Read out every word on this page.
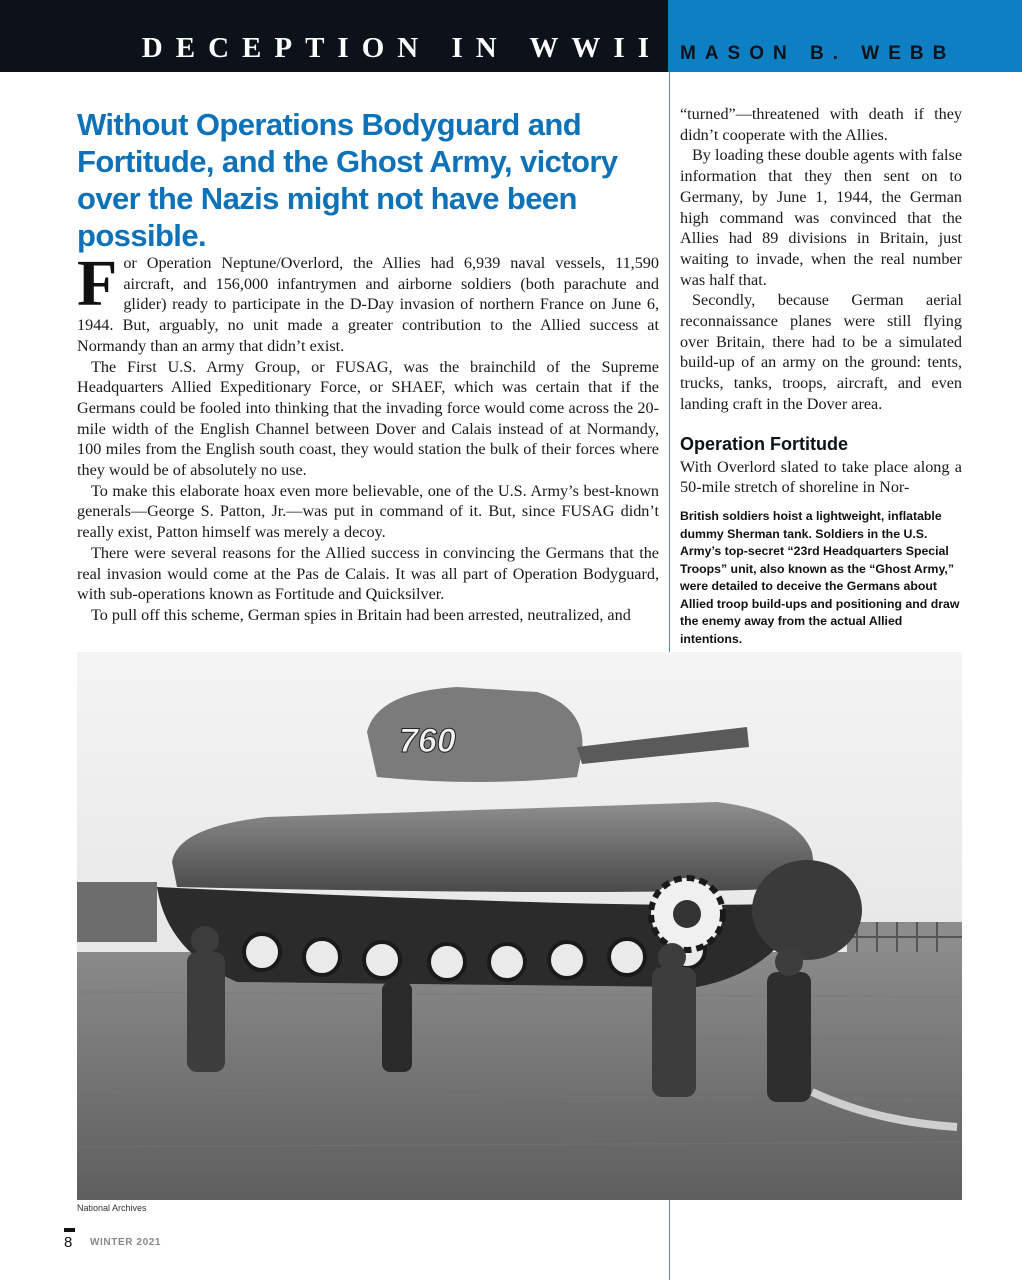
DECEPTION IN WWII MASON B. WEBB
Without Operations Bodyguard and Fortitude, and the Ghost Army, victory over the Nazis might not have been possible.

For Operation Neptune/Overlord, the Allies had 6,939 naval vessels, 11,590 aircraft, and 156,000 infantrymen and airborne soldiers (both parachute and glider) ready to participate in the D-Day invasion of northern France on June 6, 1944. But, arguably, no unit made a greater contribution to the Allied success at Normandy than an army that didn’t exist.

The First U.S. Army Group, or FUSAG, was the brainchild of the Supreme Headquarters Allied Expeditionary Force, or SHAEF, which was certain that if the Germans could be fooled into thinking that the invading force would come across the 20-mile width of the English Channel between Dover and Calais instead of at Normandy, 100 miles from the English south coast, they would station the bulk of their forces where they would be of absolutely no use.

To make this elaborate hoax even more believable, one of the U.S. Army’s best-known generals—George S. Patton, Jr.—was put in command of it. But, since FUSAG didn’t really exist, Patton himself was merely a decoy.

There were several reasons for the Allied success in convincing the Germans that the real invasion would come at the Pas de Calais. It was all part of Operation Bodyguard, with sub-operations known as Fortitude and Quicksilver.

To pull off this scheme, German spies in Britain had been arrested, neutralized, and

“turned”—threatened with death if they didn’t cooperate with the Allies.

By loading these double agents with false information that they then sent on to Germany, by June 1, 1944, the German high command was convinced that the Allies had 89 divisions in Britain, just waiting to invade, when the real number was half that.

Secondly, because German aerial reconnaissance planes were still flying over Britain, there had to be a simulated build-up of an army on the ground: tents, trucks, tanks, troops, aircraft, and even landing craft in the Dover area.

Operation Fortitude

With Overlord slated to take place along a 50-mile stretch of shoreline in Nor-

British soldiers hoist a lightweight, inflatable dummy Sherman tank. Soldiers in the U.S. Army’s top-secret “23rd Headquarters Special Troops” unit, also known as the “Ghost Army,” were detailed to deceive the Germans about Allied troop build-ups and positioning and draw the enemy away from the actual Allied intentions.
760
National Archives
8 WINTER 2021
